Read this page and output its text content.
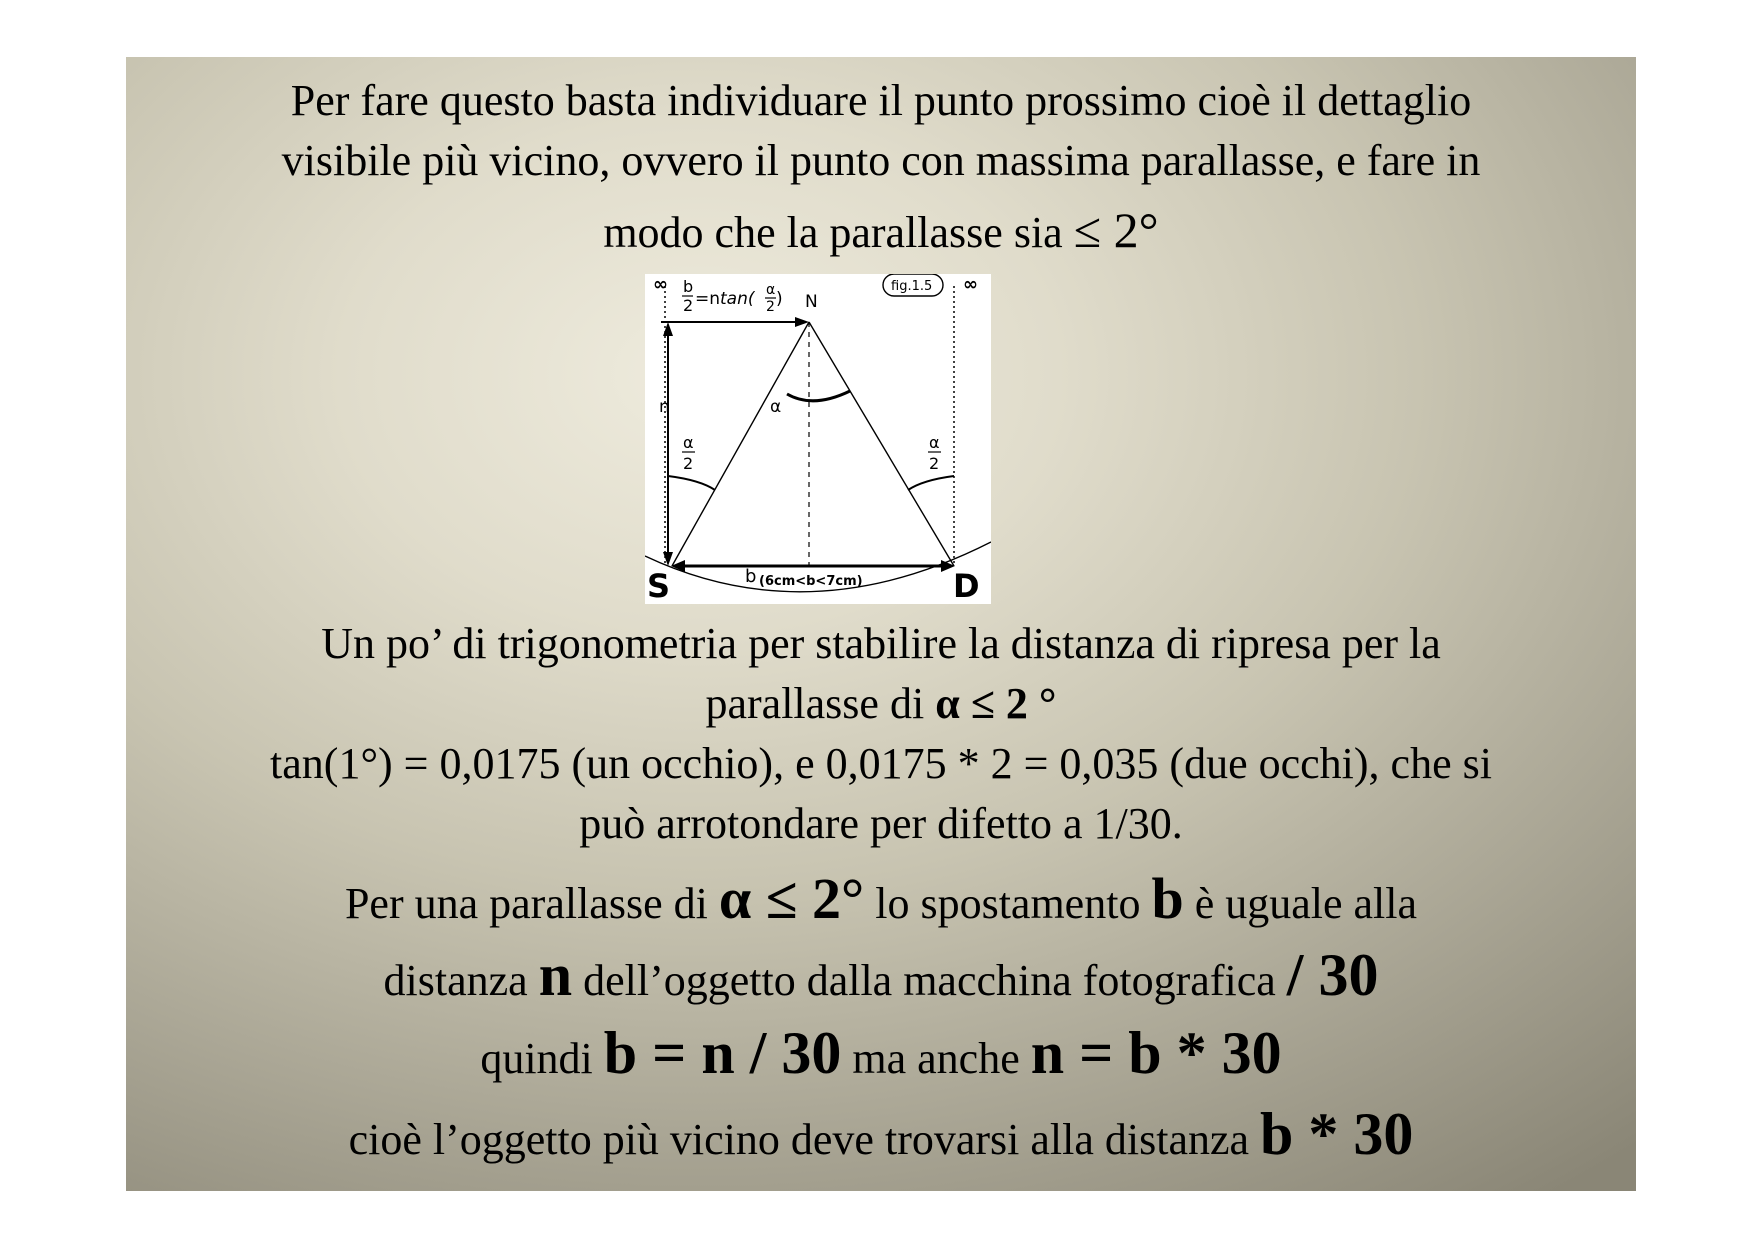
Per fare questo basta individuare il punto prossimo cioè il dettaglio
visibile più vicino, ovvero il punto con massima parallasse, e fare in
modo che la parallasse sia ≤ 2°
∞	∞
b
2 =n tan( α
2 ) N
fig.1.5
n	α
α
2
α
2
S	D
b (6cm<b<7cm)
Un po’ di trigonometria per stabilire la distanza di ripresa per la
parallasse di α ≤ 2 °
tan(1°) = 0,0175 (un occhio), e 0,0175 * 2 = 0,035 (due occhi), che si
può arrotondare per difetto a 1/30.
Per una parallasse di α ≤ 2° lo spostamento b è uguale alla
distanza n dell’oggetto dalla macchina fotografica / 30
quindi b = n / 30 ma anche n = b * 30
cioè l’oggetto più vicino deve trovarsi alla distanza b * 30
